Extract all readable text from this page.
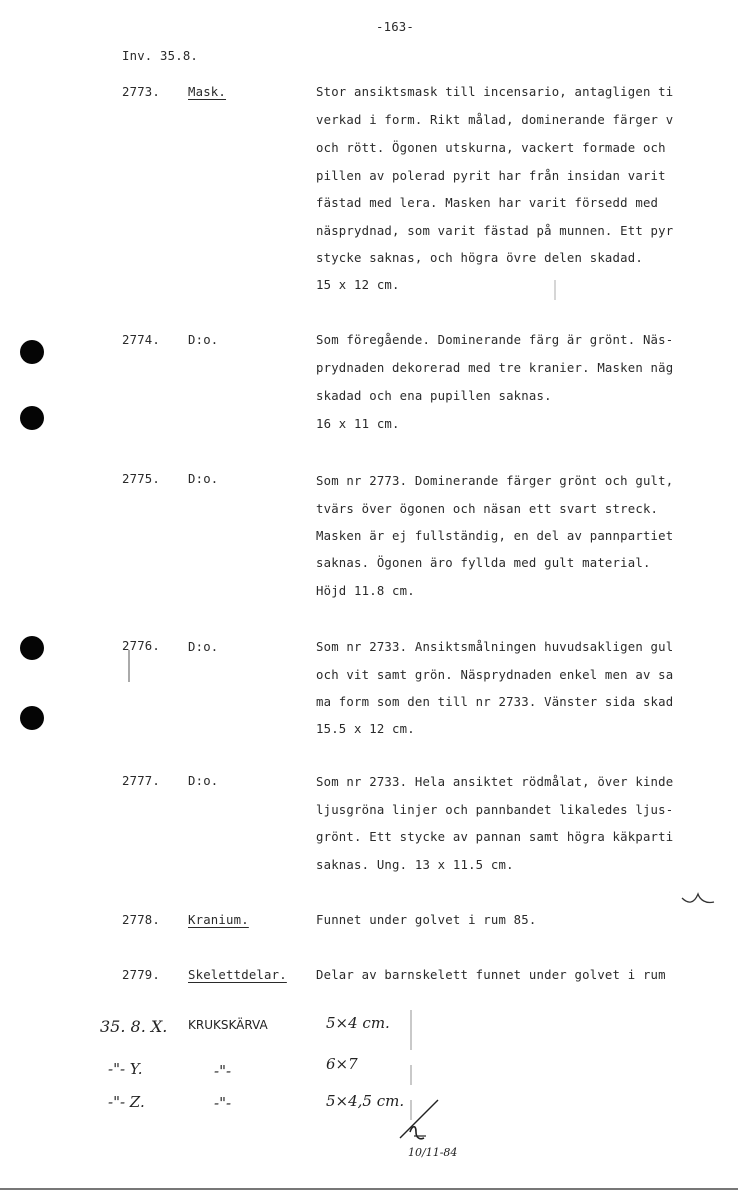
-163-
Inv. 35.8.
2773. Mask.	Stor ansiktsmask till incensario, antagligen ti
verkad i form. Rikt målad, dominerande färger v
och rött. Ögonen utskurna, vackert formade och
pillen av polerad pyrit har från insidan varit
fästad med lera. Masken har varit försedd med
näsprydnad, som varit fästad på munnen. Ett pyr
stycke saknas, och högra övre delen skadad.
15 x 12 cm.
2774. D:o.	Som föregående. Dominerande färg är grönt. Näs-
prydnaden dekorerad med tre kranier. Masken näg
skadad och ena pupillen saknas.
16 x 11 cm.
2775. D:o.	Som nr 2773. Dominerande färger grönt och gult,
tvärs över ögonen och näsan ett svart streck.
Masken är ej fullständig, en del av pannpartiet
saknas. Ögonen äro fyllda med gult material.
Höjd 11.8 cm.
2776. D:o.	Som nr 2733. Ansiktsmålningen huvudsakligen gul
och vit samt grön. Näsprydnaden enkel men av sa
ma form som den till nr 2733. Vänster sida skad
15.5 x 12 cm.
2777. D:o.	Som nr 2733. Hela ansiktet rödmålat, över kinde
ljusgröna linjer och pannbandet likaledes ljus-
grönt. Ett stycke av pannan samt högra käkparti
saknas. Ung. 13 x 11.5 cm.
2778. Kranium.	Funnet under golvet i rum 85.
2779. Skelettdelar. Delar av barnskelett funnet under golvet i rum
35. 8. X. KRUKSKÄRVA	5×4 cm.
-"- Y.	-"-	6×7
-"- Z.	-"-	5×4,5 cm.
10/11-84
